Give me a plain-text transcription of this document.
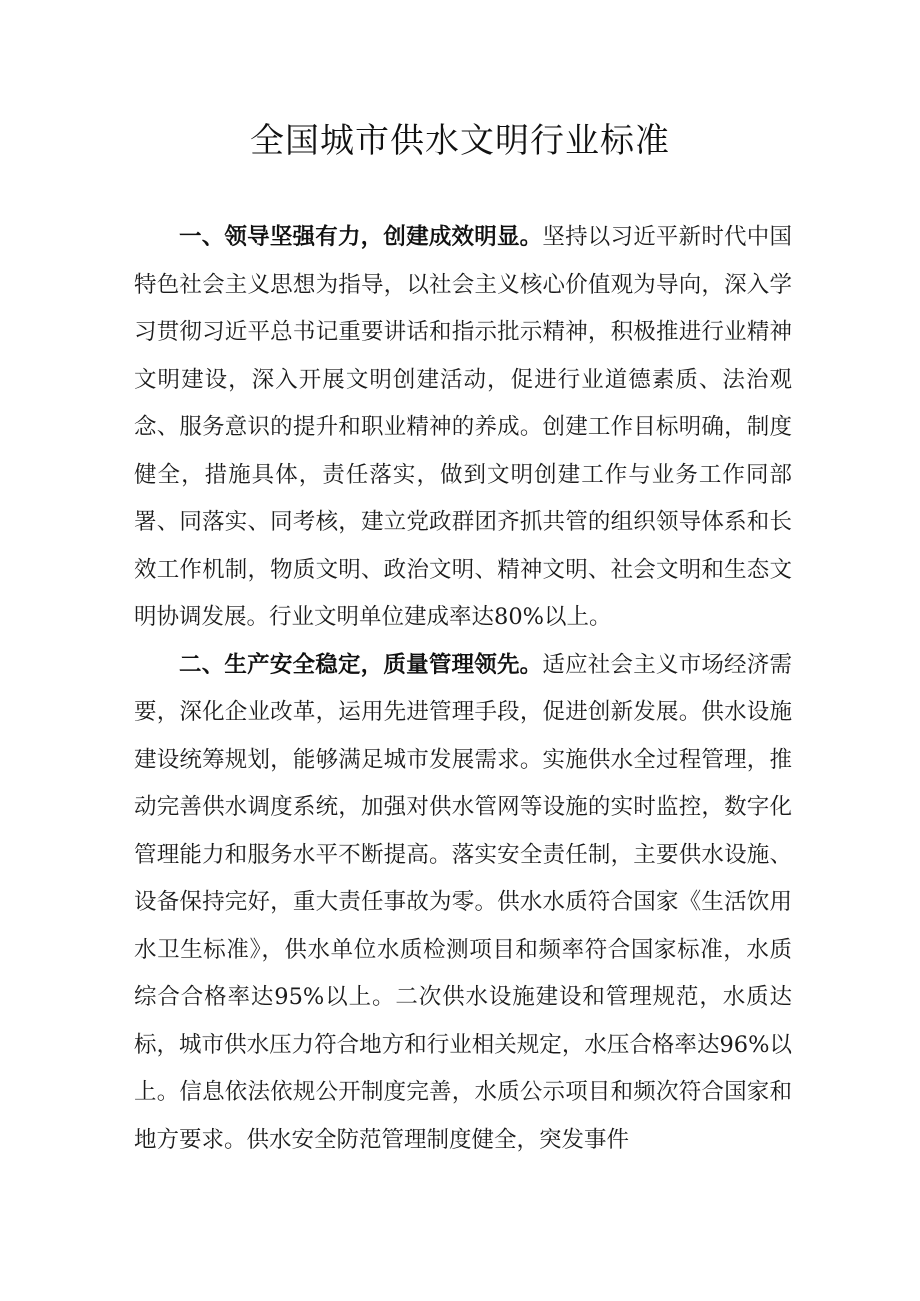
全国城市供水文明行业标准

一、领导坚强有力，创建成效明显。坚持以习近平新时代中国特色社会主义思想为指导，以社会主义核心价值观为导向，深入学习贯彻习近平总书记重要讲话和指示批示精神，积极推进行业精神文明建设，深入开展文明创建活动，促进行业道德素质、法治观念、服务意识的提升和职业精神的养成。创建工作目标明确，制度健全，措施具体，责任落实，做到文明创建工作与业务工作同部署、同落实、同考核，建立党政群团齐抓共管的组织领导体系和长效工作机制，物质文明、政治文明、精神文明、社会文明和生态文明协调发展。行业文明单位建成率达80%以上。

二、生产安全稳定，质量管理领先。适应社会主义市场经济需要，深化企业改革，运用先进管理手段，促进创新发展。供水设施建设统筹规划，能够满足城市发展需求。实施供水全过程管理，推动完善供水调度系统，加强对供水管网等设施的实时监控，数字化管理能力和服务水平不断提高。落实安全责任制，主要供水设施、设备保持完好，重大责任事故为零。供水水质符合国家《生活饮用水卫生标准》，供水单位水质检测项目和频率符合国家标准，水质综合合格率达95%以上。二次供水设施建设和管理规范，水质达标，城市供水压力符合地方和行业相关规定，水压合格率达96%以上。信息依法依规公开制度完善，水质公示项目和频次符合国家和地方要求。供水安全防范管理制度健全，突发事件
